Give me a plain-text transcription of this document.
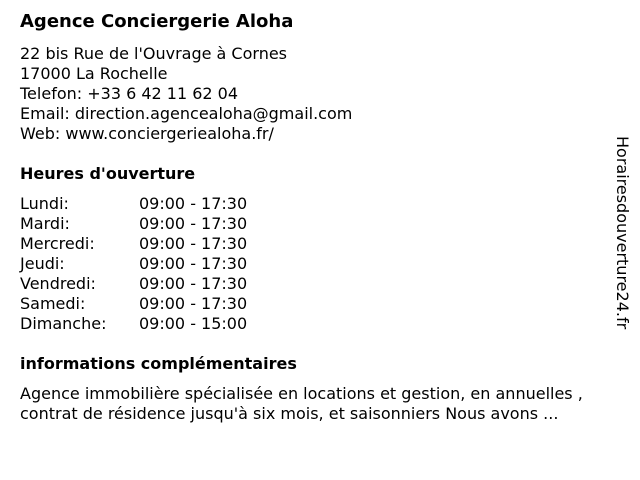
Agence Conciergerie Aloha
22 bis Rue de l'Ouvrage à Cornes
17000 La Rochelle
Telefon: +33 6 42 11 62 04
Email: direction.agencealoha@gmail.com
Web: www.conciergeriealoha.fr/
Heures d'ouverture
Lundi:	09:00 - 17:30
Mardi:	09:00 - 17:30
Mercredi:	09:00 - 17:30
Jeudi:	09:00 - 17:30
Vendredi:	09:00 - 17:30
Samedi:	09:00 - 17:30
Dimanche: 09:00 - 15:00
informations complémentaires
Agence immobilière spécialisée en locations et gestion, en annuelles ,
contrat de résidence jusqu'à six mois, et saisonniers Nous avons ...
Horairesdouverture24.fr
